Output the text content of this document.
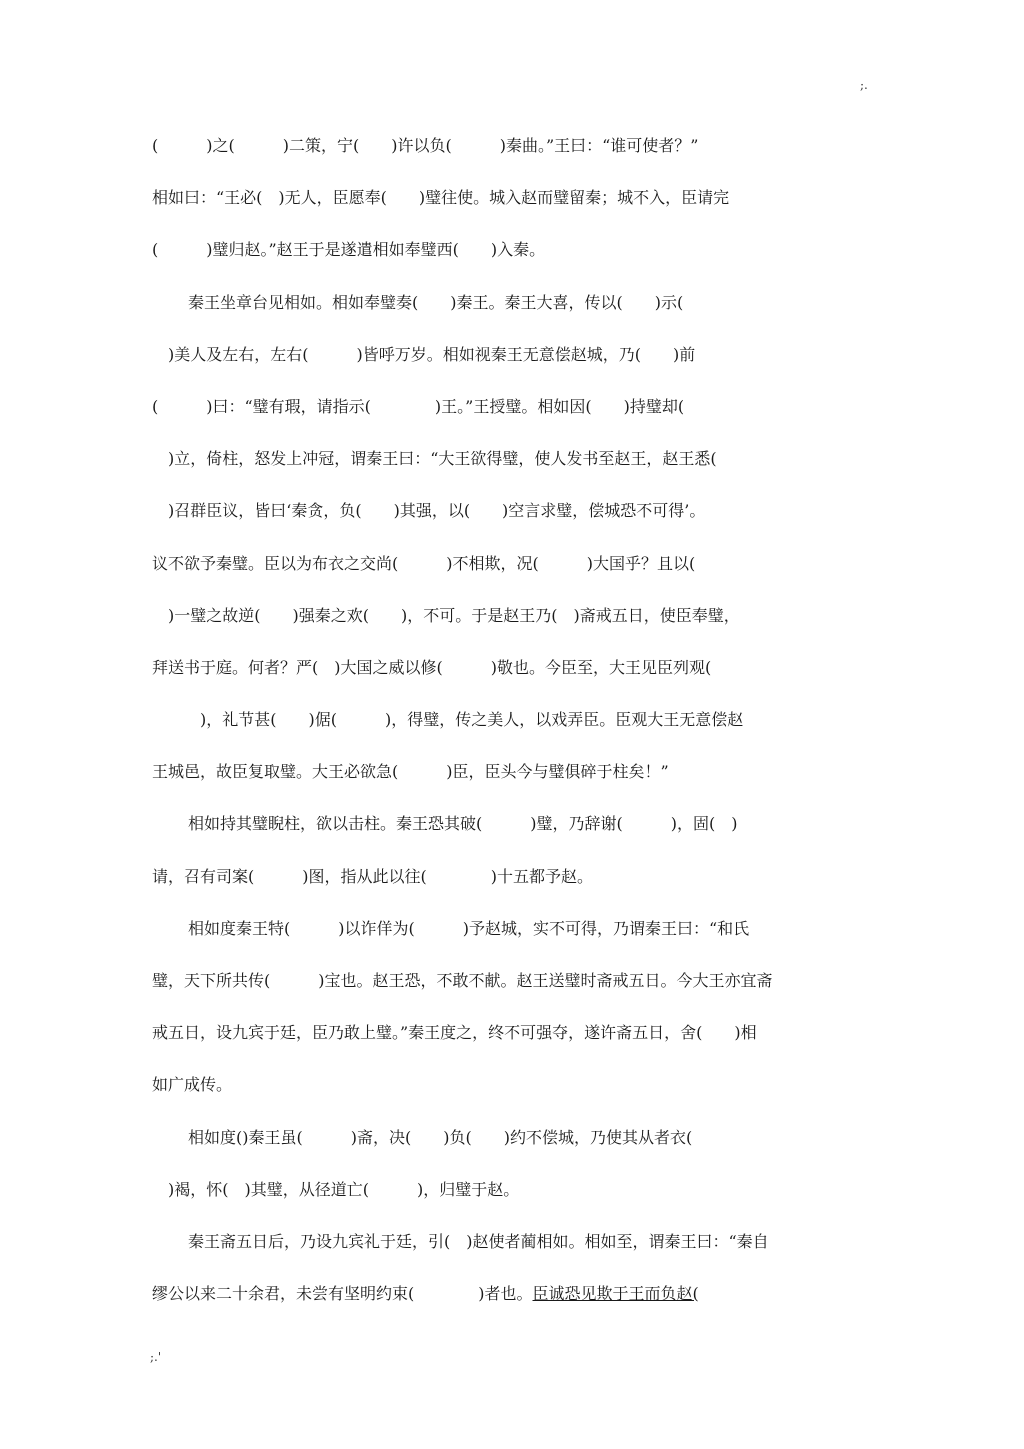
;.
(　　　)之(　　　)二策，宁(　　)许以负(　　　)秦曲。”王曰：“谁可使者？”
相如曰：“王必(　)无人，臣愿奉(　　)璧往使。城入赵而璧留秦；城不入，臣请完
(　　　)璧归赵。”赵王于是遂遣相如奉璧西(　　)入秦。
秦王坐章台见相如。相如奉璧奏(　　)秦王。秦王大喜，传以(　　)示(
　)美人及左右，左右(　　　)皆呼万岁。相如视秦王无意偿赵城，乃(　　)前
(　　　)曰：“璧有瑕，请指示(　　　　)王。”王授璧。相如因(　　)持璧却(
　)立，倚柱，怒发上冲冠，谓秦王曰：“大王欲得璧，使人发书至赵王，赵王悉(
　)召群臣议，皆曰‘秦贪，负(　　)其强，以(　　)空言求璧，偿城恐不可得’。
议不欲予秦璧。臣以为布衣之交尚(　　　)不相欺，况(　　　)大国乎？且以(
　)一璧之故逆(　　)强秦之欢(　　)，不可。于是赵王乃(　)斋戒五日，使臣奉璧，
拜送书于庭。何者？严(　)大国之威以修(　　　)敬也。今臣至，大王见臣列观(
　　　)，礼节甚(　　)倨(　　　)，得璧，传之美人，以戏弄臣。臣观大王无意偿赵
王城邑，故臣复取璧。大王必欲急(　　　)臣，臣头今与璧俱碎于柱矣！”
相如持其璧睨柱，欲以击柱。秦王恐其破(　　　)璧，乃辞谢(　　　)，固(　)
请，召有司案(　　　)图，指从此以往(　　　　)十五都予赵。
相如度秦王特(　　　)以诈佯为(　　　)予赵城，实不可得，乃谓秦王曰：“和氏
璧，天下所共传(　　　)宝也。赵王恐，不敢不献。赵王送璧时斋戒五日。今大王亦宜斋
戒五日，设九宾于廷，臣乃敢上璧。”秦王度之，终不可强夺，遂许斋五日，舍(　　)相
如广成传。
相如度()秦王虽(　　　)斋，决(　　)负(　　)约不偿城，乃使其从者衣(
　)褐，怀(　)其璧，从径道亡(　　　)，归璧于赵。
秦王斋五日后，乃设九宾礼于廷，引(　)赵使者蔺相如。相如至，谓秦王曰：“秦自
缪公以来二十余君，未尝有坚明约束(　　　　)者也。臣诚恐见欺于王而负赵(
;.'
